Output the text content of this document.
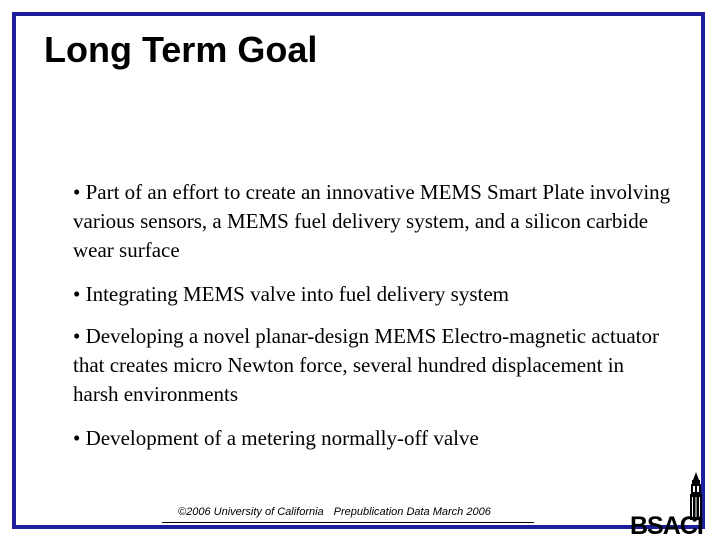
Long Term Goal
• Part of an effort to create an innovative MEMS Smart Plate involving various sensors, a MEMS fuel delivery system, and a silicon carbide wear surface
• Integrating MEMS valve into fuel delivery system
• Developing a novel planar-design MEMS Electro-magnetic actuator that creates micro Newton force, several hundred displacement in harsh environments
• Development of a metering normally-off valve
©2006 University of California Prepublication Data March 2006	BSACI
